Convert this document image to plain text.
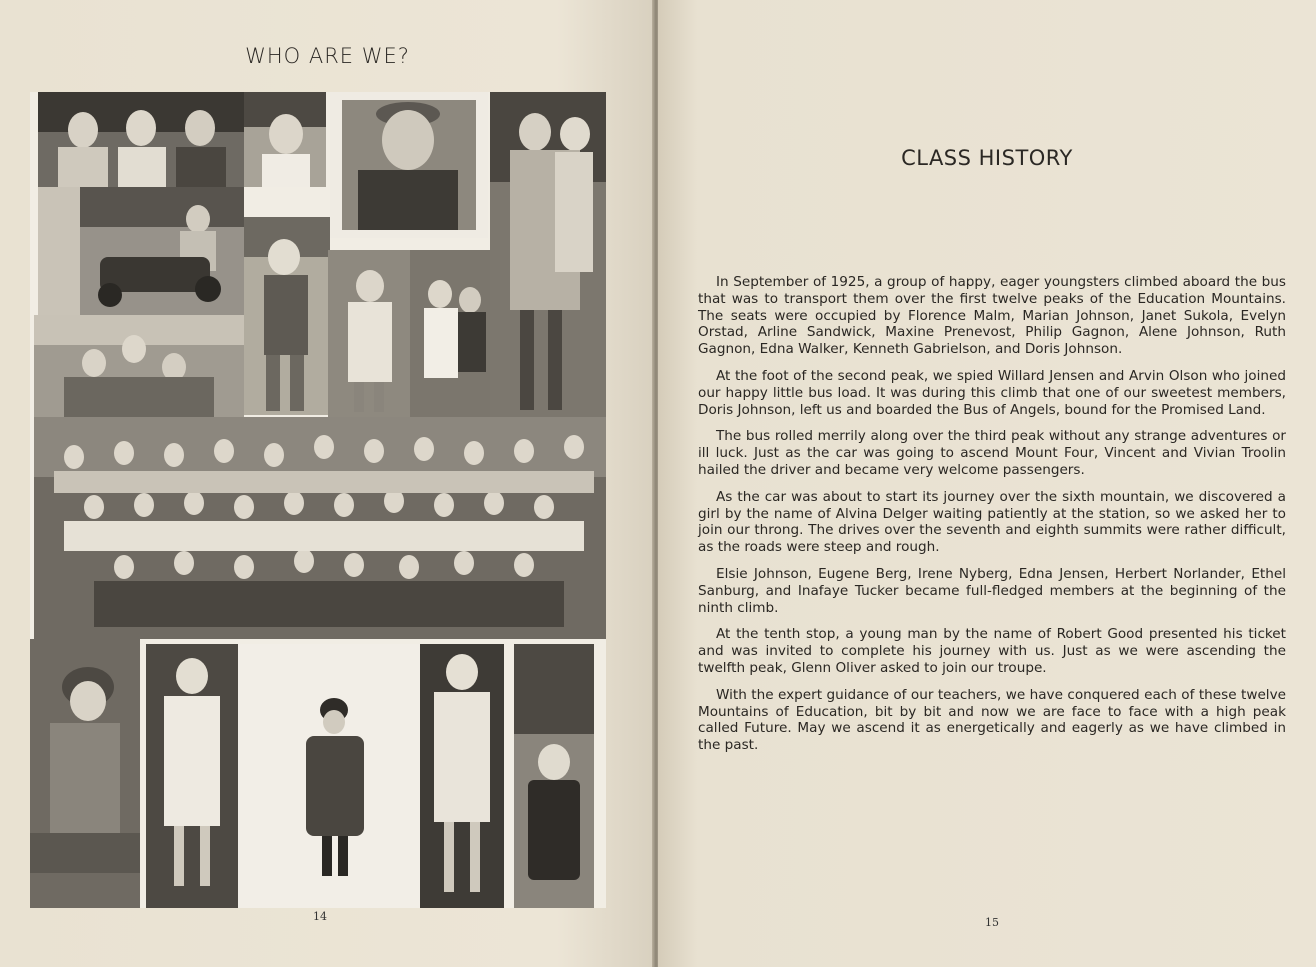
WHO ARE WE?
14
CLASS HISTORY

In September of 1925, a group of happy, eager youngsters climbed aboard the bus that was to transport them over the first twelve peaks of the Education Mountains. The seats were occupied by Florence Malm, Marian Johnson, Janet Sukola, Evelyn Orstad, Arline Sandwick, Maxine Prenevost, Philip Gagnon, Alene Johnson, Ruth Gagnon, Edna Walker, Kenneth Gabrielson, and Doris Johnson.

At the foot of the second peak, we spied Willard Jensen and Arvin Olson who joined our happy little bus load. It was during this climb that one of our sweetest members, Doris Johnson, left us and boarded the Bus of Angels, bound for the Promised Land.

The bus rolled merrily along over the third peak without any strange adventures or ill luck. Just as the car was going to ascend Mount Four, Vincent and Vivian Troolin hailed the driver and became very welcome passengers.

As the car was about to start its journey over the sixth mountain, we discovered a girl by the name of Alvina Delger waiting patiently at the station, so we asked her to join our throng. The drives over the seventh and eighth summits were rather difficult, as the roads were steep and rough.

Elsie Johnson, Eugene Berg, Irene Nyberg, Edna Jensen, Herbert Norlander, Ethel Sanburg, and Inafaye Tucker became full-fledged members at the beginning of the ninth climb.

At the tenth stop, a young man by the name of Robert Good presented his ticket and was invited to complete his journey with us. Just as we were ascending the twelfth peak, Glenn Oliver asked to join our troupe.

With the expert guidance of our teachers, we have conquered each of these twelve Mountains of Education, bit by bit and now we are face to face with a high peak called Future. May we ascend it as energetically and eagerly as we have climbed in the past.

15
